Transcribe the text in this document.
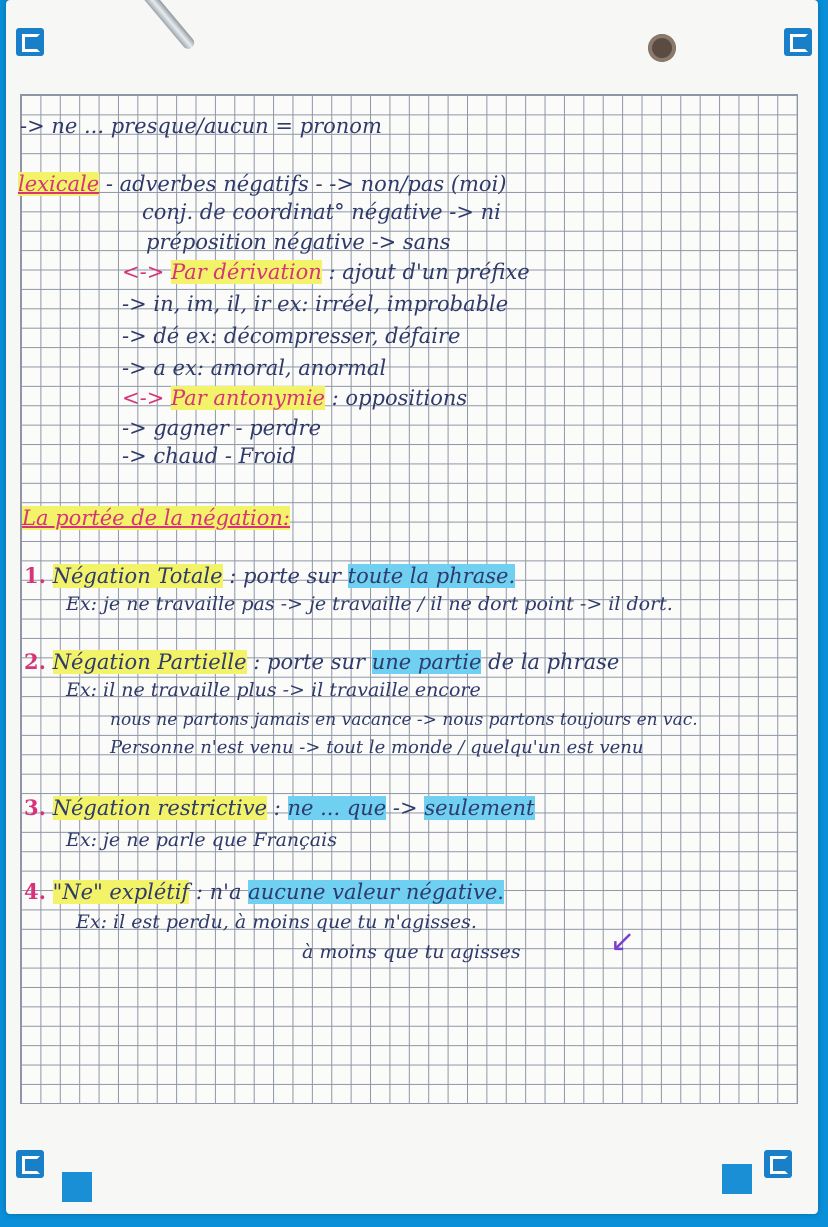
-> ne ... presque/aucun = pronom
lexicale - adverbes négatifs - -> non/pas (moi)
conj. de coordinat° négative -> ni
préposition négative -> sans
<-> Par dérivation : ajout d'un préfixe
-> in, im, il, ir ex: irréel, improbable
-> dé ex: décompresser, défaire
-> a ex: amoral, anormal
<-> Par antonymie : oppositions
-> gagner - perdre
-> chaud - Froid
La portée de la négation:
1. Négation Totale : porte sur toute la phrase.
Ex: je ne travaille pas -> je travaille / il ne dort point -> il dort.
2. Négation Partielle : porte sur une partie de la phrase
Ex: il ne travaille plus -> il travaille encore
nous ne partons jamais en vacance -> nous partons toujours en vac.
Personne n'est venu -> tout le monde / quelqu'un est venu
3. Négation restrictive : ne ... que -> seulement
Ex: je ne parle que Français
4. "Ne" explétif : n'a aucune valeur négative.
Ex: il est perdu, à moins que tu n'agisses.
à moins que tu agisses	↙
